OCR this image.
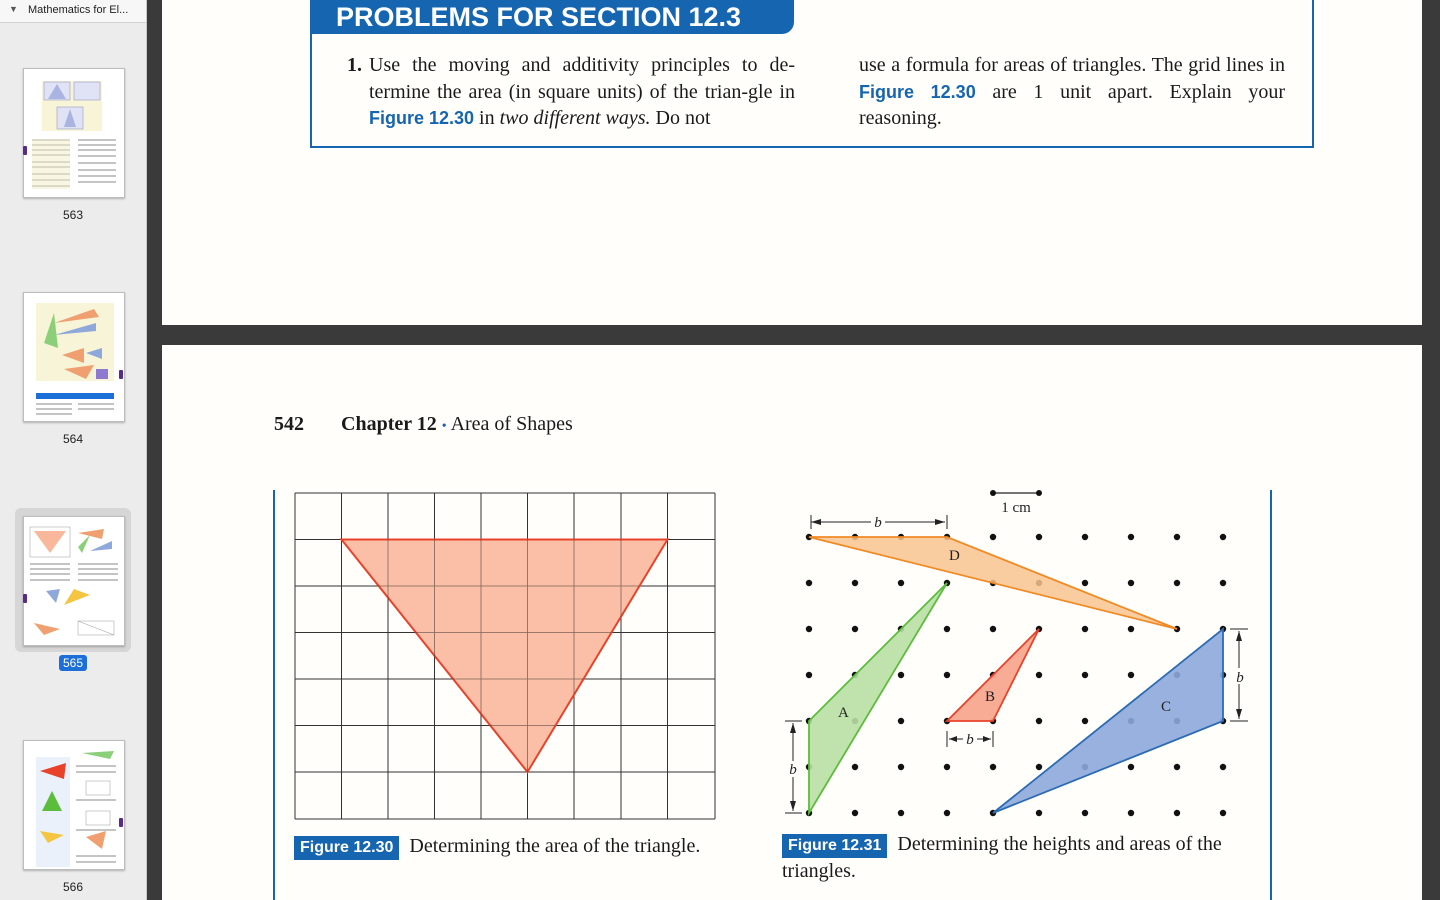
▼ Mathematics for El...
563
564
565
566
PROBLEMS FOR SECTION 12.3
1. Use the moving and additivity principles to de-termine the area (in square units) of the trian-gle in Figure 12.30 in two different ways. Do not
use a formula for areas of triangles. The grid lines in Figure 12.30 are 1 unit apart. Explain your reasoning.
542 Chapter 12 • Area of Shapes
Figure 12.30 Determining the area of the triangle.
1 cm
D
b
A
b
B
b
C
b
Figure 12.31 Determining the heights and areas of the triangles.
